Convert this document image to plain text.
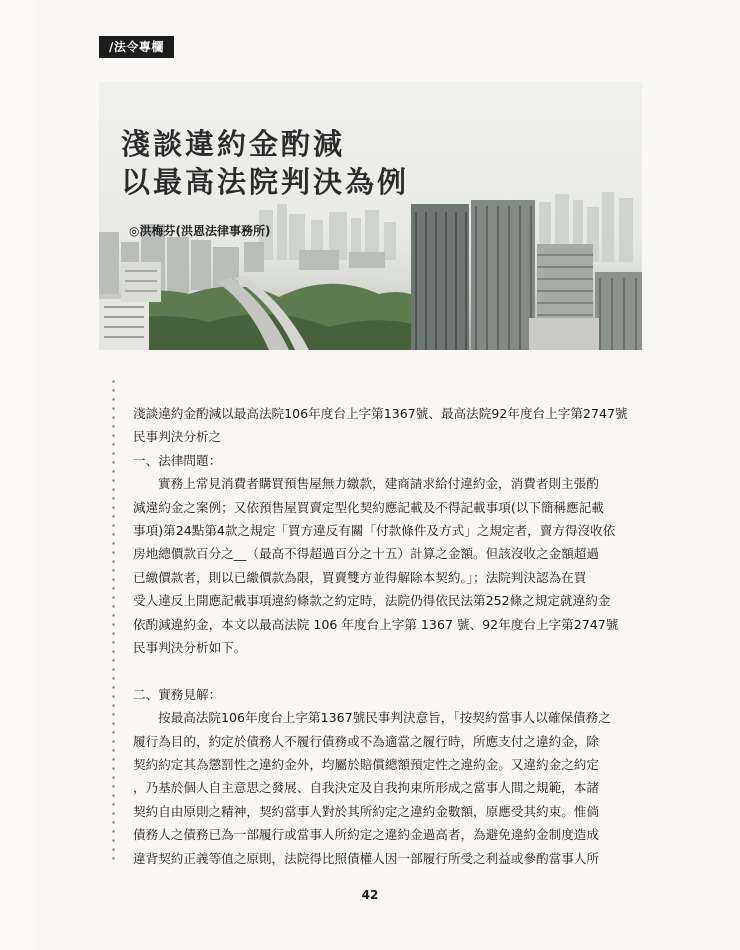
/法令專欄
淺談違約金酌減
以最高法院判決為例
◎洪梅芬(洪恩法律事務所)
淺談違約金酌減以最高法院106年度台上字第1367號、最高法院92年度台上字第2747號
民事判決分析之
一、法律問題：
實務上常見消費者購買預售屋無力繳款，建商請求給付違約金，消費者則主張酌
減違約金之案例；又依預售屋買賣定型化契約應記載及不得記載事項(以下簡稱應記載
事項)第24點第4款之規定「買方違反有關「付款條件及方式」之規定者，賣方得沒收依
房地總價款百分之__（最高不得超過百分之十五）計算之金額。但該沒收之金額超過
已繳價款者，則以已繳價款為限，買賣雙方並得解除本契約。」；法院判決認為在買
受人違反上開應記載事項違約條款之約定時，法院仍得依民法第252條之規定就違約金
依酌減違約金，本文以最高法院 106 年度台上字第 1367 號、92年度台上字第2747號
民事判決分析如下。
二、實務見解：
按最高法院106年度台上字第1367號民事判決意旨，「按契約當事人以確保債務之
履行為目的，約定於債務人不履行債務或不為適當之履行時，所應支付之違約金，除
契約約定其為懲罰性之違約金外，均屬於賠償總額預定性之違約金。又違約金之約定
，乃基於個人自主意思之發展、自我決定及自我拘束所形成之當事人間之規範，本諸
契約自由原則之精神，契約當事人對於其所約定之違約金數額，原應受其約束。惟倘
債務人之債務已為一部履行或當事人所約定之違約金過高者，為避免違約金制度造成
違背契約正義等值之原則，法院得比照債權人因一部履行所受之利益或參酌當事人所
42
